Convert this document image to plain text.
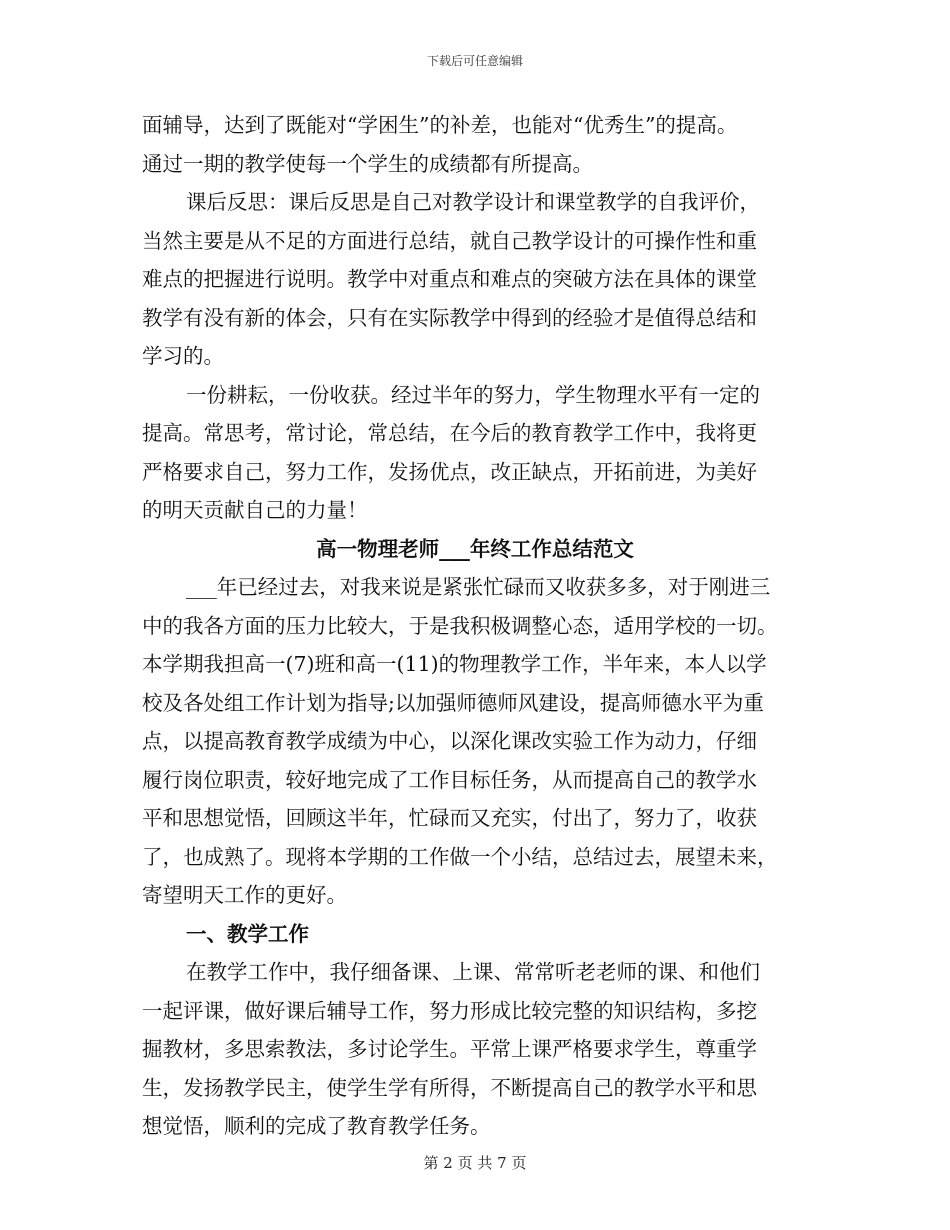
下载后可任意编辑
面辅导，达到了既能对“学困生”的补差，也能对“优秀生”的提高。
通过一期的教学使每一个学生的成绩都有所提高。
课后反思：课后反思是自己对教学设计和课堂教学的自我评价，
当然主要是从不足的方面进行总结，就自己教学设计的可操作性和重
难点的把握进行说明。教学中对重点和难点的突破方法在具体的课堂
教学有没有新的体会，只有在实际教学中得到的经验才是值得总结和
学习的。
一份耕耘，一份收获。经过半年的努力，学生物理水平有一定的
提高。常思考，常讨论，常总结，在今后的教育教学工作中，我将更
严格要求自己，努力工作，发扬优点，改正缺点，开拓前进，为美好
的明天贡献自己的力量！
高一物理老师___年终工作总结范文
___年已经过去，对我来说是紧张忙碌而又收获多多，对于刚进三
中的我各方面的压力比较大，于是我积极调整心态，适用学校的一切。
本学期我担高一(7)班和高一(11)的物理教学工作，半年来，本人以学
校及各处组工作计划为指导;以加强师德师风建设，提高师德水平为重
点，以提高教育教学成绩为中心，以深化课改实验工作为动力，仔细
履行岗位职责，较好地完成了工作目标任务，从而提高自己的教学水
平和思想觉悟，回顾这半年，忙碌而又充实，付出了，努力了，收获
了，也成熟了。现将本学期的工作做一个小结，总结过去，展望未来，
寄望明天工作的更好。
一、教学工作
在教学工作中，我仔细备课、上课、常常听老老师的课、和他们
一起评课，做好课后辅导工作，努力形成比较完整的知识结构，多挖
掘教材，多思索教法，多讨论学生。平常上课严格要求学生，尊重学
生，发扬教学民主，使学生学有所得，不断提高自己的教学水平和思
想觉悟，顺利的完成了教育教学任务。
第 2 页 共 7 页
